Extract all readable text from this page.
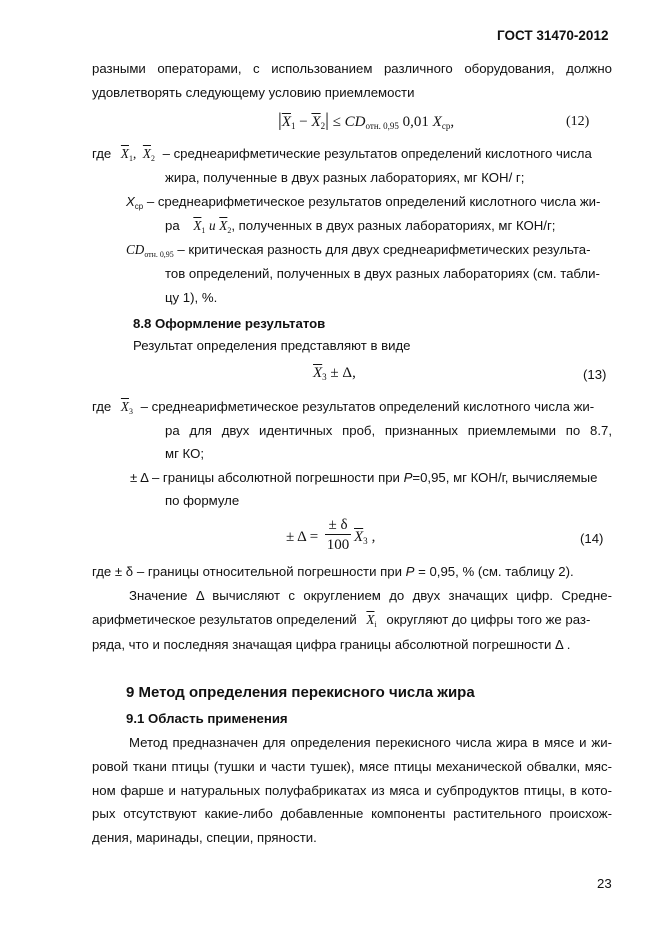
ГОСТ 31470-2012
разными операторами, с использованием различного оборудования, должно
удовлетворять следующему условию приемлемости
$|\overline{X}_1 - \overline{X}_2| \le CD_{отн. 0,95}$ 0,01 $X_{ср}$,	(12)
где $\overline{X}_1$, $\overline{X}_2$ – среднеарифметические результатов определений кислотного числа
жира, полученные в двух разных лабораториях, мг КОН/ г;
$X_{ср}$ – среднеарифметическое результатов определений кислотного числа жи-
ра $\overline{X}_1$ и $\overline{X}_2$, полученных в двух разных лабораториях, мг КОН/г;
$CD_{отн. 0,95}$ – критическая разность для двух среднеарифметических результа-
тов определений, полученных в двух разных лабораториях (см. табли-
цу 1), %.
8.8 Оформление результатов
Результат определения представляют в виде
$\overline{X}_3 \pm \Delta$,	(13)
где $\overline{X}_3$ – среднеарифметическое результатов определений кислотного числа жи-
ра для двух идентичных проб, признанных приемлемыми по 8.7,
мг КО;
± Δ – границы абсолютной погрешности при P=0,95, мг КОН/г, вычисляемые
по формуле
± $\Delta = \frac{\pm \delta}{100} \overline{X}_3$ ,	(14)
где ± δ – границы относительной погрешности при P = 0,95, % (см. таблицу 2).
Значение Δ вычисляют с округлением до двух значащих цифр. Средне-
арифметическое результатов определений $\overline{X}_i$ округляют до цифры того же раз-
ряда, что и последняя значащая цифра границы абсолютной погрешности Δ .
9 Метод определения перекисного числа жира
9.1 Область применения
Метод предназначен для определения перекисного числа жира в мясе и жи-
ровой ткани птицы (тушки и части тушек), мясе птицы механической обвалки, мяс-
ном фарше и натуральных полуфабрикатах из мяса и субпродуктов птицы, в кото-
рых отсутствуют какие-либо добавленные компоненты растительного происхож-
дения, маринады, специи, пряности.
23
